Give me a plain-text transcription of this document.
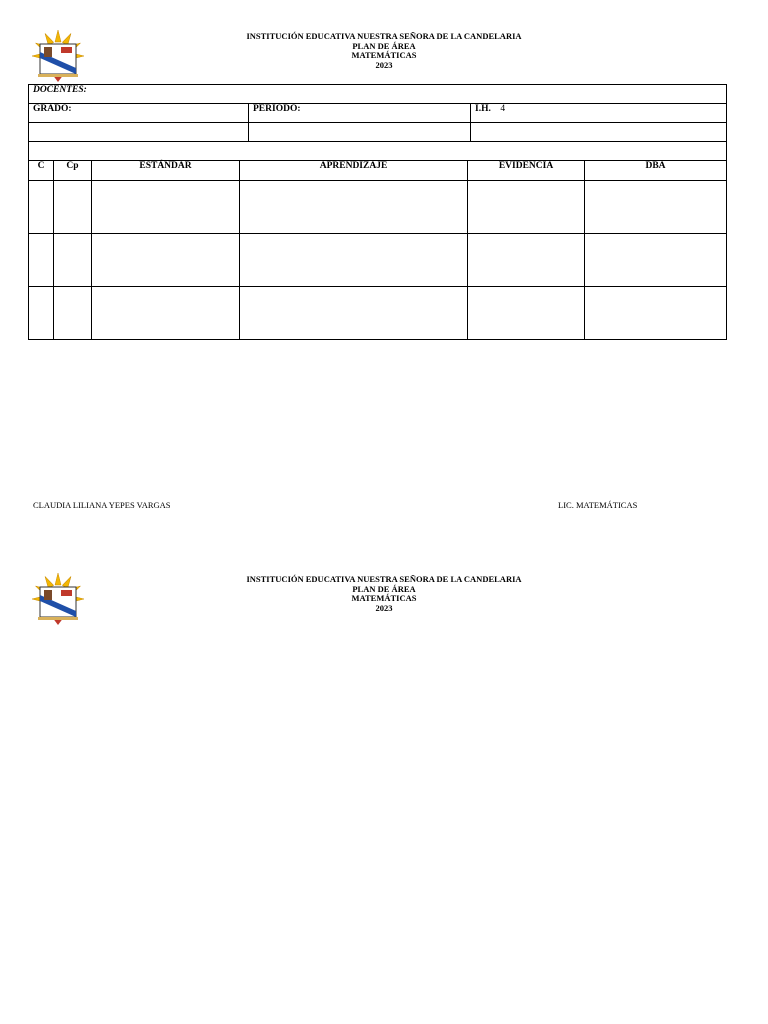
INSTITUCIÓN EDUCATIVA NUESTRA SEÑORA DE LA CANDELARIA
PLAN DE ÁREA
MATEMÁTICAS
2023
DOCENTES:		
GRADO:	PERIODO:	I.H. 4

C	Cp	ESTÁNDAR	APRENDIZAJE	EVIDENCIA	DBA

CLAUDIA LILIANA YEPES VARGAS	LIC. MATEMÁTICAS
INSTITUCIÓN EDUCATIVA NUESTRA SEÑORA DE LA CANDELARIA
PLAN DE ÁREA
MATEMÁTICAS
2023
